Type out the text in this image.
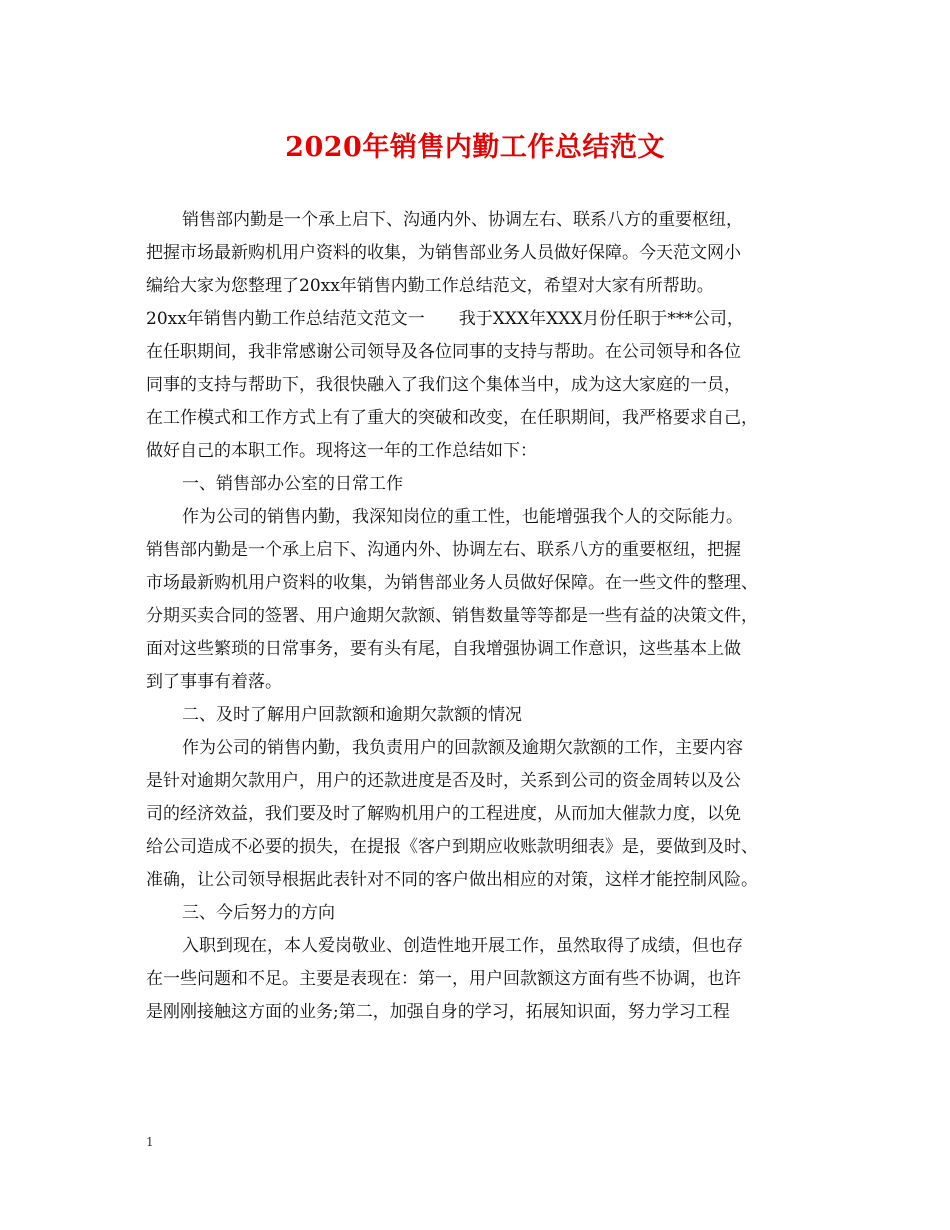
2020年销售内勤工作总结范文
销售部内勤是一个承上启下、沟通内外、协调左右、联系八方的重要枢纽，
把握市场最新购机用户资料的收集，为销售部业务人员做好保障。今天范文网小
编给大家为您整理了20xx年销售内勤工作总结范文，希望对大家有所帮助。
20xx年销售内勤工作总结范文范文一　　我于XXX年XXX月份任职于***公司，
在任职期间，我非常感谢公司领导及各位同事的支持与帮助。在公司领导和各位
同事的支持与帮助下，我很快融入了我们这个集体当中，成为这大家庭的一员，
在工作模式和工作方式上有了重大的突破和改变，在任职期间，我严格要求自己，
做好自己的本职工作。现将这一年的工作总结如下：
一、销售部办公室的日常工作
作为公司的销售内勤，我深知岗位的重工性，也能增强我个人的交际能力。
销售部内勤是一个承上启下、沟通内外、协调左右、联系八方的重要枢纽，把握
市场最新购机用户资料的收集，为销售部业务人员做好保障。在一些文件的整理、
分期买卖合同的签署、用户逾期欠款额、销售数量等等都是一些有益的决策文件，
面对这些繁琐的日常事务，要有头有尾，自我增强协调工作意识，这些基本上做
到了事事有着落。
二、及时了解用户回款额和逾期欠款额的情况
作为公司的销售内勤，我负责用户的回款额及逾期欠款额的工作，主要内容
是针对逾期欠款用户，用户的还款进度是否及时，关系到公司的资金周转以及公
司的经济效益，我们要及时了解购机用户的工程进度，从而加大催款力度，以免
给公司造成不必要的损失，在提报《客户到期应收账款明细表》是，要做到及时、
准确，让公司领导根据此表针对不同的客户做出相应的对策，这样才能控制风险。
三、今后努力的方向
入职到现在，本人爱岗敬业、创造性地开展工作，虽然取得了成绩，但也存
在一些问题和不足。主要是表现在：第一，用户回款额这方面有些不协调，也许
是刚刚接触这方面的业务;第二，加强自身的学习，拓展知识面，努力学习工程
1
